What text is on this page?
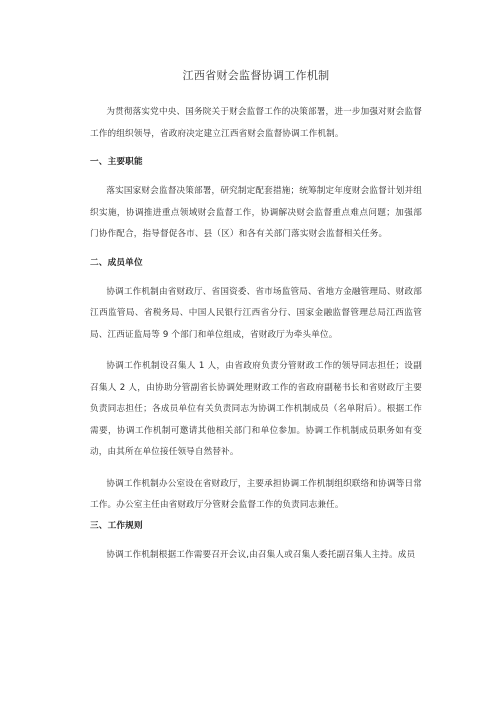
江西省财会监督协调工作机制

为贯彻落实党中央、国务院关于财会监督工作的决策部署，进一步加强对财会监督工作的组织领导，省政府决定建立江西省财会监督协调工作机制。

一、主要职能

落实国家财会监督决策部署，研究制定配套措施；统筹制定年度财会监督计划并组织实施，协调推进重点领域财会监督工作，协调解决财会监督重点难点问题；加强部门协作配合，指导督促各市、县（区）和各有关部门落实财会监督相关任务。

二、成员单位

协调工作机制由省财政厅、省国资委、省市场监管局、省地方金融管理局、财政部江西监管局、省税务局、中国人民银行江西省分行、国家金融监督管理总局江西监管局、江西证监局等 9 个部门和单位组成，省财政厅为牵头单位。

协调工作机制设召集人 1 人，由省政府负责分管财政工作的领导同志担任；设副召集人 2 人，由协助分管副省长协调处理财政工作的省政府副秘书长和省财政厅主要负责同志担任；各成员单位有关负责同志为协调工作机制成员（名单附后）。根据工作需要，协调工作机制可邀请其他相关部门和单位参加。协调工作机制成员职务如有变动，由其所在单位接任领导自然替补。

协调工作机制办公室设在省财政厅，主要承担协调工作机制组织联络和协调等日常工作。办公室主任由省财政厅分管财会监督工作的负责同志兼任。

三、工作规则

协调工作机制根据工作需要召开会议,由召集人或召集人委托副召集人主持。成员
